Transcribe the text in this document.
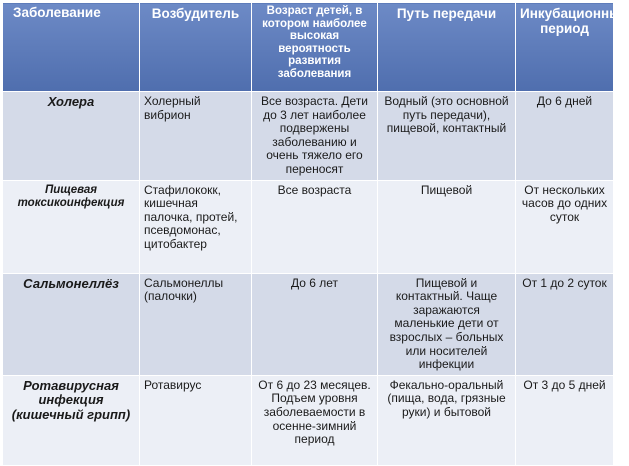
Заболевание	Возбудитель	Возраст детей, в котором наиболее высокая вероятность развития заболевания	Путь передачи	Инкубационный период
Холера	Холерный вибрион	Все возраста. Дети до 3 лет наиболее подвержены заболеванию и очень тяжело его переносят	Водный (это основной путь передачи), пищевой, контактный	До 6 дней
Пищевая токсикоинфекция	Стафилококк, кишечная палочка, протей, псевдомонас, цитобактер	Все возраста	Пищевой	От нескольких часов до одних суток
Сальмонеллёз	Сальмонеллы (палочки)	До 6 лет	Пищевой и контактный. Чаще заражаются маленькие дети от взрослых – больных или носителей инфекции	От 1 до 2 суток
Ротавирусная инфекция (кишечный грипп)	Ротавирус	От 6 до 23 месяцев. Подъем уровня заболеваемости в осенне-зимний период	Фекально-оральный (пища, вода, грязные руки) и бытовой	От 3 до 5 дней
